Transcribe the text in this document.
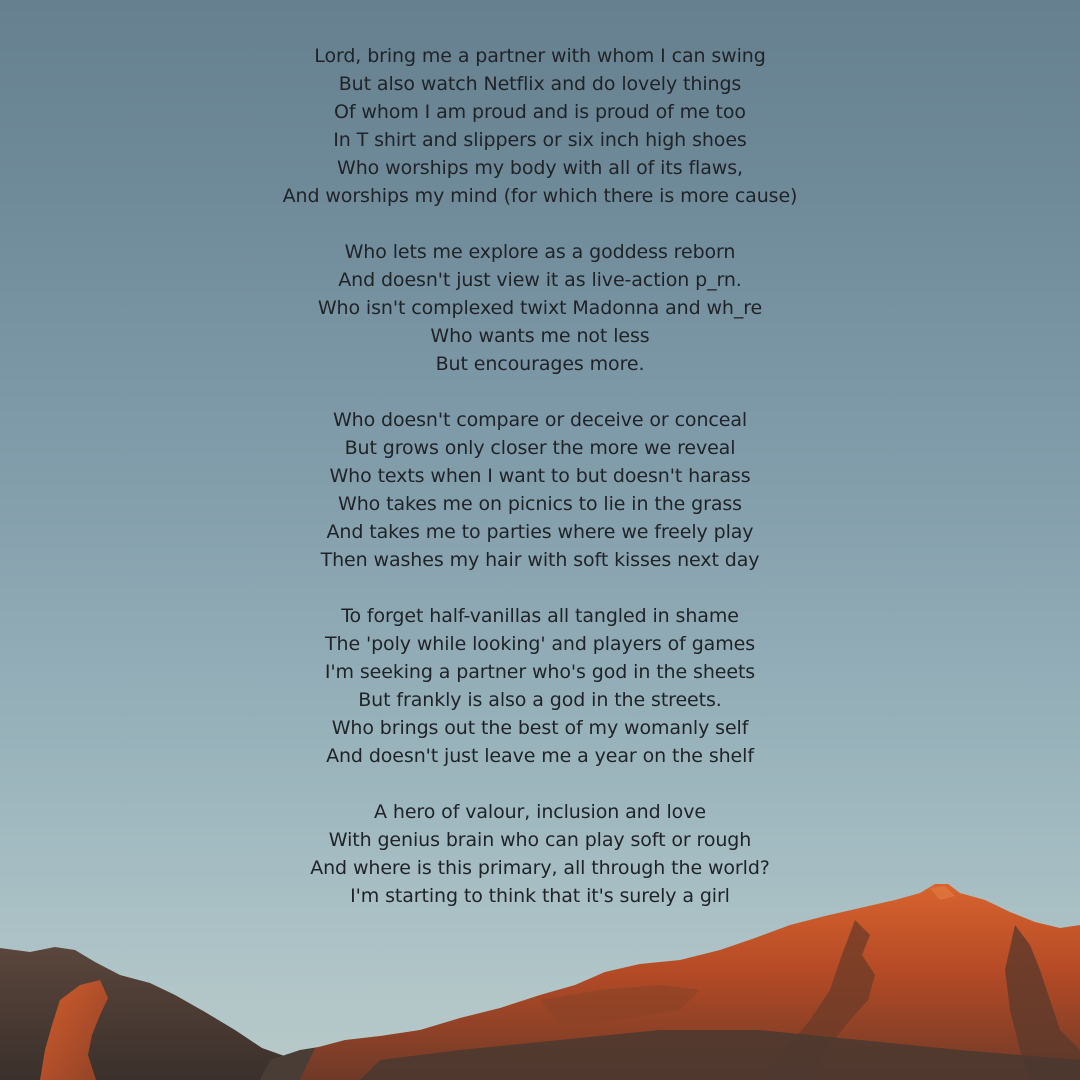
Lord, bring me a partner with whom I can swing
But also watch Netflix and do lovely things
Of whom I am proud and is proud of me too
In T shirt and slippers or six inch high shoes
Who worships my body with all of its flaws,
And worships my mind (for which there is more cause)
Who lets me explore as a goddess reborn
And doesn't just view it as live-action p_rn.
Who isn't complexed twixt Madonna and wh_re
Who wants me not less
But encourages more.
Who doesn't compare or deceive or conceal
But grows only closer the more we reveal
Who texts when I want to but doesn't harass
Who takes me on picnics to lie in the grass
And takes me to parties where we freely play
Then washes my hair with soft kisses next day
To forget half-vanillas all tangled in shame
The 'poly while looking' and players of games
I'm seeking a partner who's god in the sheets
But frankly is also a god in the streets.
Who brings out the best of my womanly self
And doesn't just leave me a year on the shelf
A hero of valour, inclusion and love
With genius brain who can play soft or rough
And where is this primary, all through the world?
I'm starting to think that it's surely a girl
